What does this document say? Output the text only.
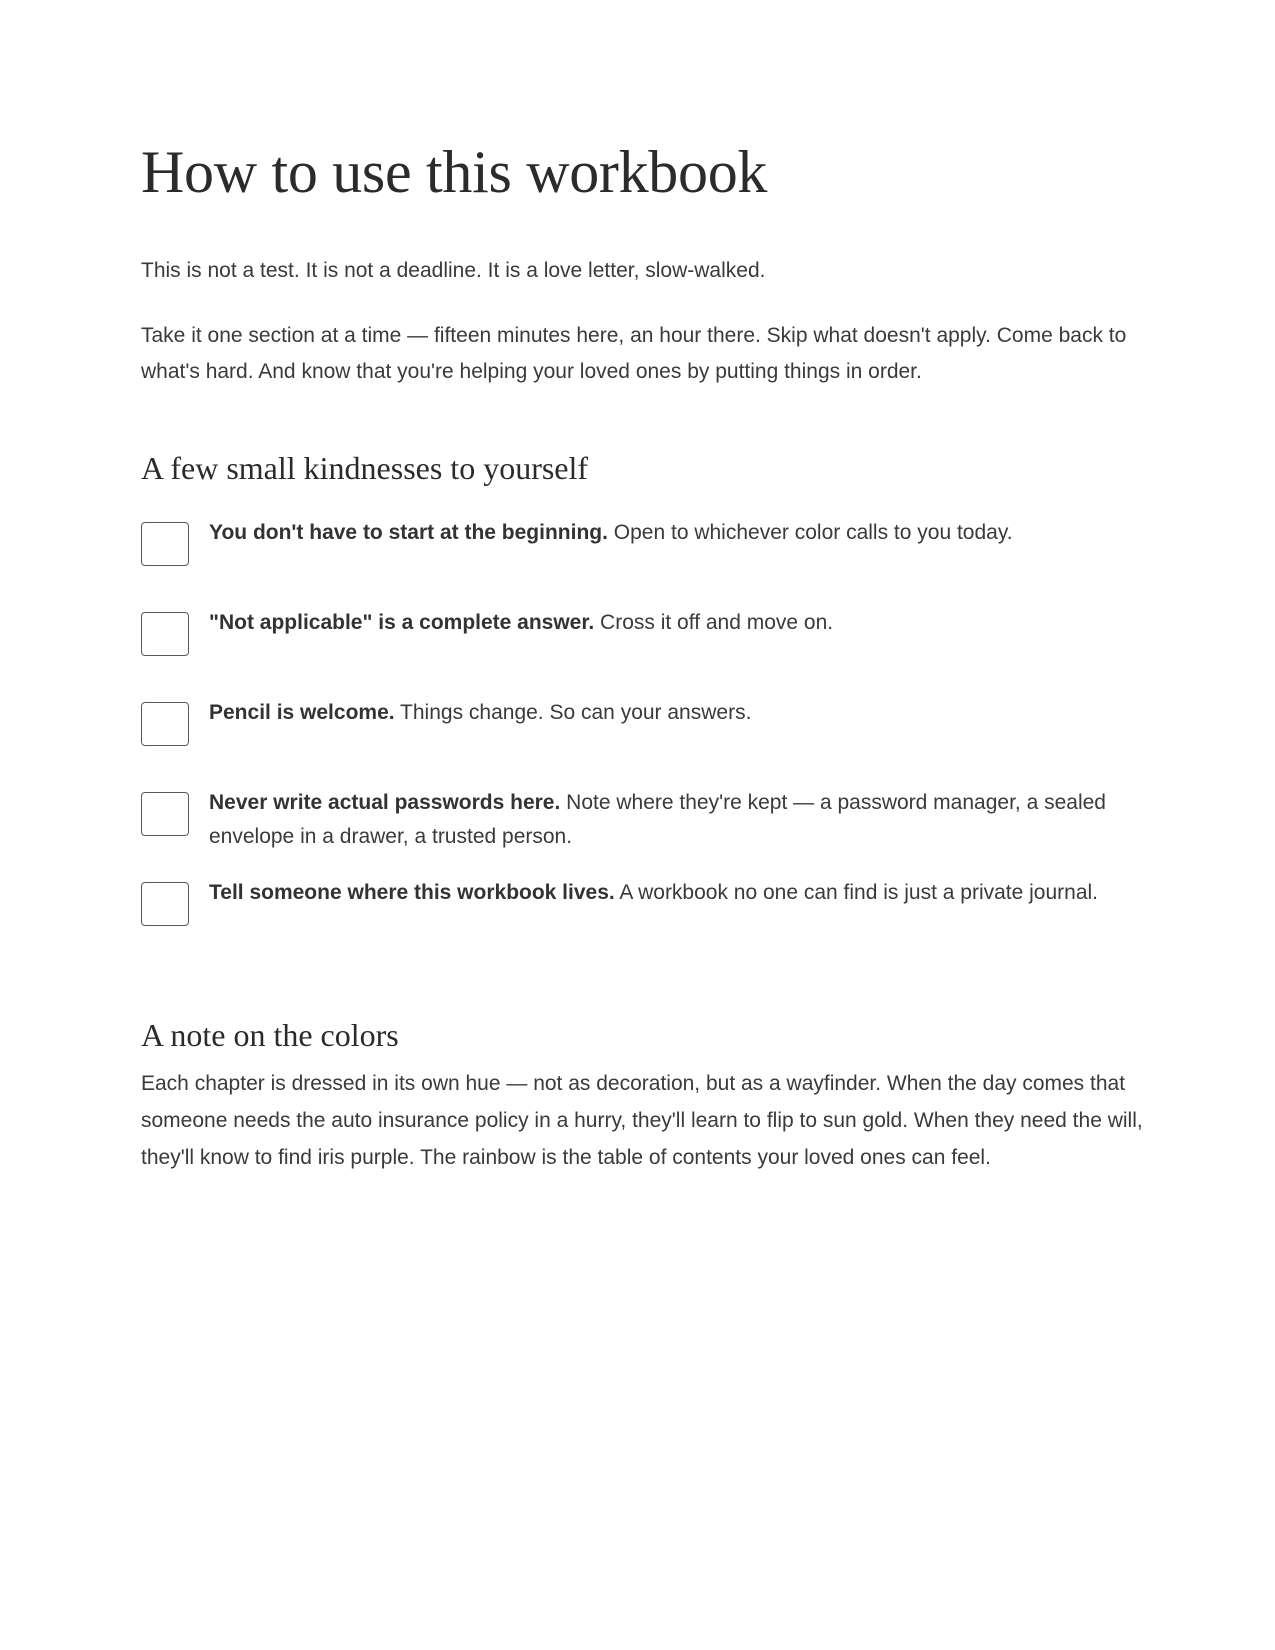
How to use this workbook

This is not a test. It is not a deadline. It is a love letter, slow-walked.

Take it one section at a time — fifteen minutes here, an hour there. Skip what doesn't apply. Come back to what's hard. And know that you're helping your loved ones by putting things in order.

A few small kindnesses to yourself

You don't have to start at the beginning. Open to whichever color calls to you today.

"Not applicable" is a complete answer. Cross it off and move on.

Pencil is welcome. Things change. So can your answers.

Never write actual passwords here. Note where they're kept — a password manager, a sealed envelope in a drawer, a trusted person.

Tell someone where this workbook lives. A workbook no one can find is just a private journal.

A note on the colors

Each chapter is dressed in its own hue — not as decoration, but as a wayfinder. When the day comes that someone needs the auto insurance policy in a hurry, they'll learn to flip to sun gold. When they need the will, they'll know to find iris purple. The rainbow is the table of contents your loved ones can feel.
